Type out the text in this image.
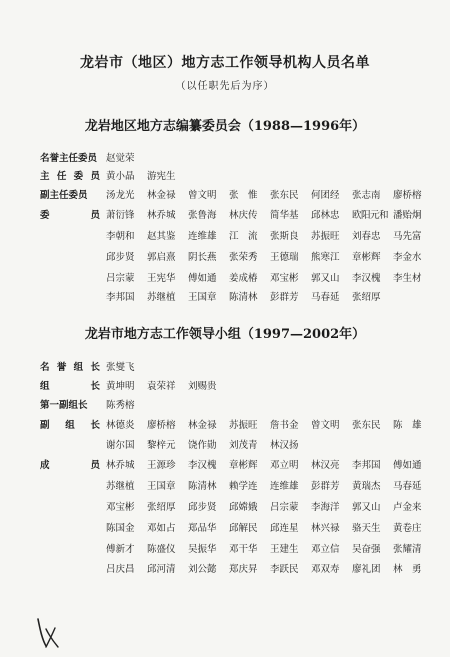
龙岩市（地区）地方志工作领导机构人员名单
（以任职先后为序）
龙岩地区地方志编纂委员会（1988—1996年）
名誉主任委员 赵觉荣
主 任 委 员 黄小晶 游宪生
副主任委员	汤龙光 林金禄 曾文明 张　惟 张东民 何团经 张志南 廖桥榕
委	员 萧衍锋 林乔城 张鲁海 林庆传 简华基 邱林忠 欧阳元和 潘贻炯
李朝和 赵其鉴 连维雄 江　流 张斯良 苏振旺 刘春忠 马先富
邱步贤 郭启熹 阴长燕 张荣秀 王德瑞 熊寒江 章彬辉 李金水
吕宗蒙 王宪华 傅如通 姜成椿 邓宝彬 郭又山 李汉槐 李生材
李邦国 苏继植 王国章 陈清林 彭群芳 马春延 张绍厚
龙岩市地方志工作领导小组（1997—2002年）
名 誉 组 长 张燮飞
组	长 黄坤明 袁荣祥 刘赐贵
第一副组长	陈秀榕
副 组 长 林德炎 廖桥榕 林金禄 苏振旺 詹书金 曾文明 张东民 陈　雄
谢尔国 黎梓元 饶作勋 刘茂青 林汉扬
成	员 林乔城 王源珍 李汉槐 章彬辉 邓立明 林汉亮 李邦国 傅如通
苏继植 王国章 陈清林 赖学连 连维雄 彭群芳 黄瑞杰 马春延
邓宝彬 张绍厚 邱步贤 邱嫦娥 吕宗蒙 李海洋 郭又山 卢金来
陈国金 邓如占 郑品华 邱解民 邱连星 林兴禄 骆天生 黄卷庄
傅新才 陈盛仪 吴振华 邓干华 王建生 邓立信 吴奋强 张耀清
吕庆昌 邱河清 刘公懿 郑庆昇 李跃民 邓双寿 廖礼团 林　勇
